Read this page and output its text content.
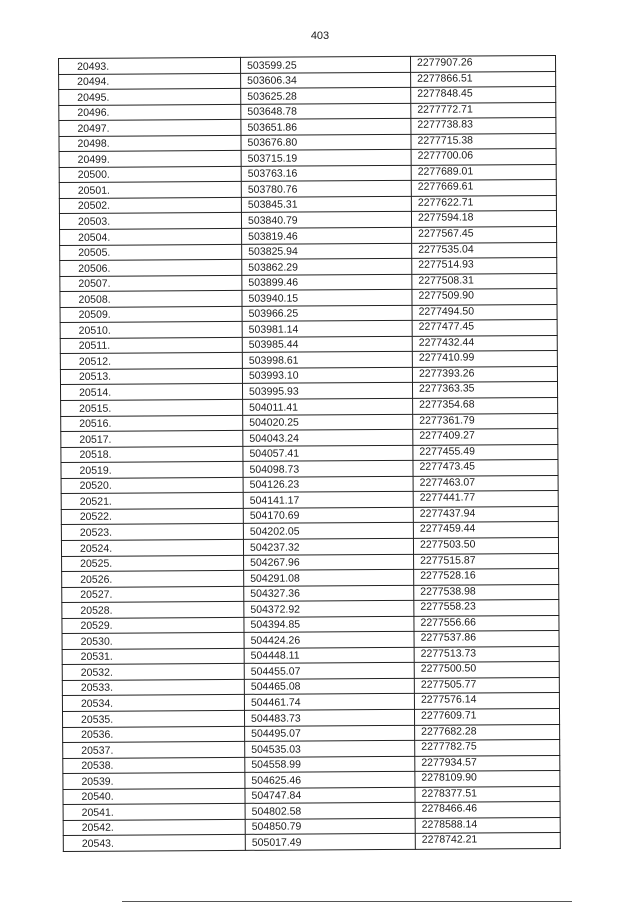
403
20493.	503599.25	2277907.26
20494.	503606.34	2277866.51
20495.	503625.28	2277848.45
20496.	503648.78	2277772.71
20497.	503651.86	2277738.83
20498.	503676.80	2277715.38
20499.	503715.19	2277700.06
20500.	503763.16	2277689.01
20501.	503780.76	2277669.61
20502.	503845.31	2277622.71
20503.	503840.79	2277594.18
20504.	503819.46	2277567.45
20505.	503825.94	2277535.04
20506.	503862.29	2277514.93
20507.	503899.46	2277508.31
20508.	503940.15	2277509.90
20509.	503966.25	2277494.50
20510.	503981.14	2277477.45
20511.	503985.44	2277432.44
20512.	503998.61	2277410.99
20513.	503993.10	2277393.26
20514.	503995.93	2277363.35
20515.	504011.41	2277354.68
20516.	504020.25	2277361.79
20517.	504043.24	2277409.27
20518.	504057.41	2277455.49
20519.	504098.73	2277473.45
20520.	504126.23	2277463.07
20521.	504141.17	2277441.77
20522.	504170.69	2277437.94
20523.	504202.05	2277459.44
20524.	504237.32	2277503.50
20525.	504267.96	2277515.87
20526.	504291.08	2277528.16
20527.	504327.36	2277538.98
20528.	504372.92	2277558.23
20529.	504394.85	2277556.66
20530.	504424.26	2277537.86
20531.	504448.11	2277513.73
20532.	504455.07	2277500.50
20533.	504465.08	2277505.77
20534.	504461.74	2277576.14
20535.	504483.73	2277609.71
20536.	504495.07	2277682.28
20537.	504535.03	2277782.75
20538.	504558.99	2277934.57
20539.	504625.46	2278109.90
20540.	504747.84	2278377.51
20541.	504802.58	2278466.46
20542.	504850.79	2278588.14
20543.	505017.49	2278742.21
